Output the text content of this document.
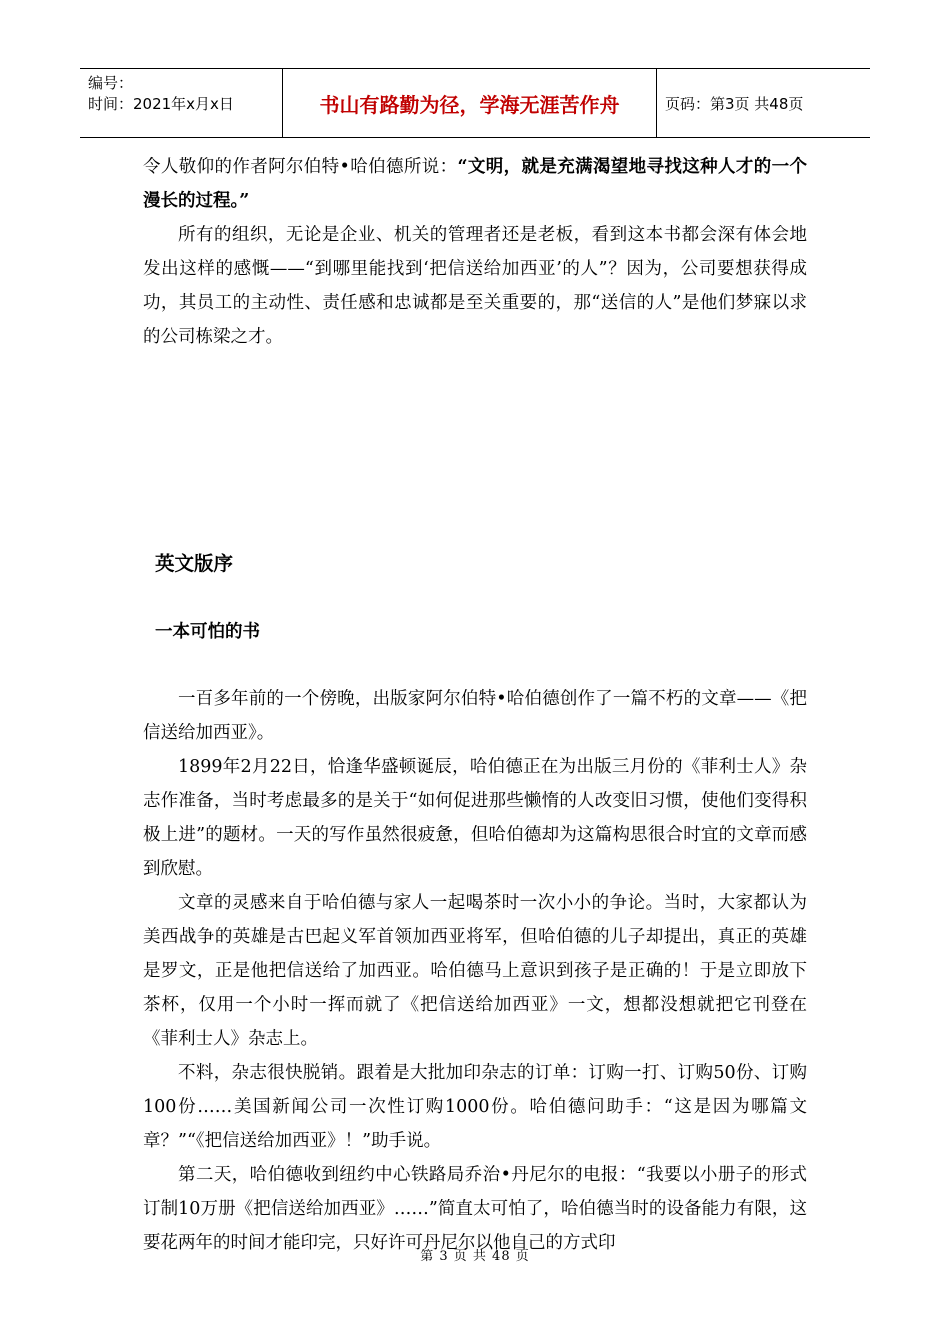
编号：
时间：2021年x月x日	书山有路勤为径，学海无涯苦作舟	页码：第3页 共48页

令人敬仰的作者阿尔伯特•哈伯德所说：“文明，就是充满渴望地寻找这种人才的一个漫长的过程。”

所有的组织，无论是企业、机关的管理者还是老板，看到这本书都会深有体会地发出这样的感慨——“到哪里能找到‘把信送给加西亚’的人”？因为，公司要想获得成功，其员工的主动性、责任感和忠诚都是至关重要的，那“送信的人”是他们梦寐以求的公司栋梁之才。

英文版序

一本可怕的书

一百多年前的一个傍晚，出版家阿尔伯特•哈伯德创作了一篇不朽的文章——《把信送给加西亚》。

1899年2月22日，恰逢华盛顿诞辰，哈伯德正在为出版三月份的《菲利士人》杂志作准备，当时考虑最多的是关于“如何促进那些懒惰的人改变旧习惯，使他们变得积极上进”的题材。一天的写作虽然很疲惫，但哈伯德却为这篇构思很合时宜的文章而感到欣慰。

文章的灵感来自于哈伯德与家人一起喝茶时一次小小的争论。当时，大家都认为美西战争的英雄是古巴起义军首领加西亚将军，但哈伯德的儿子却提出，真正的英雄是罗文，正是他把信送给了加西亚。哈伯德马上意识到孩子是正确的！于是立即放下茶杯，仅用一个小时一挥而就了《把信送给加西亚》一文，想都没想就把它刊登在《菲利士人》杂志上。

不料，杂志很快脱销。跟着是大批加印杂志的订单：订购一打、订购50份、订购100份……美国新闻公司一次性订购1000份。哈伯德问助手：“这是因为哪篇文章？”“《把信送给加西亚》！”助手说。

第二天，哈伯德收到纽约中心铁路局乔治•丹尼尔的电报：“我要以小册子的形式订制10万册《把信送给加西亚》……”简直太可怕了，哈伯德当时的设备能力有限，这要花两年的时间才能印完，只好许可丹尼尔以他自己的方式印

第 3 页 共 48 页
